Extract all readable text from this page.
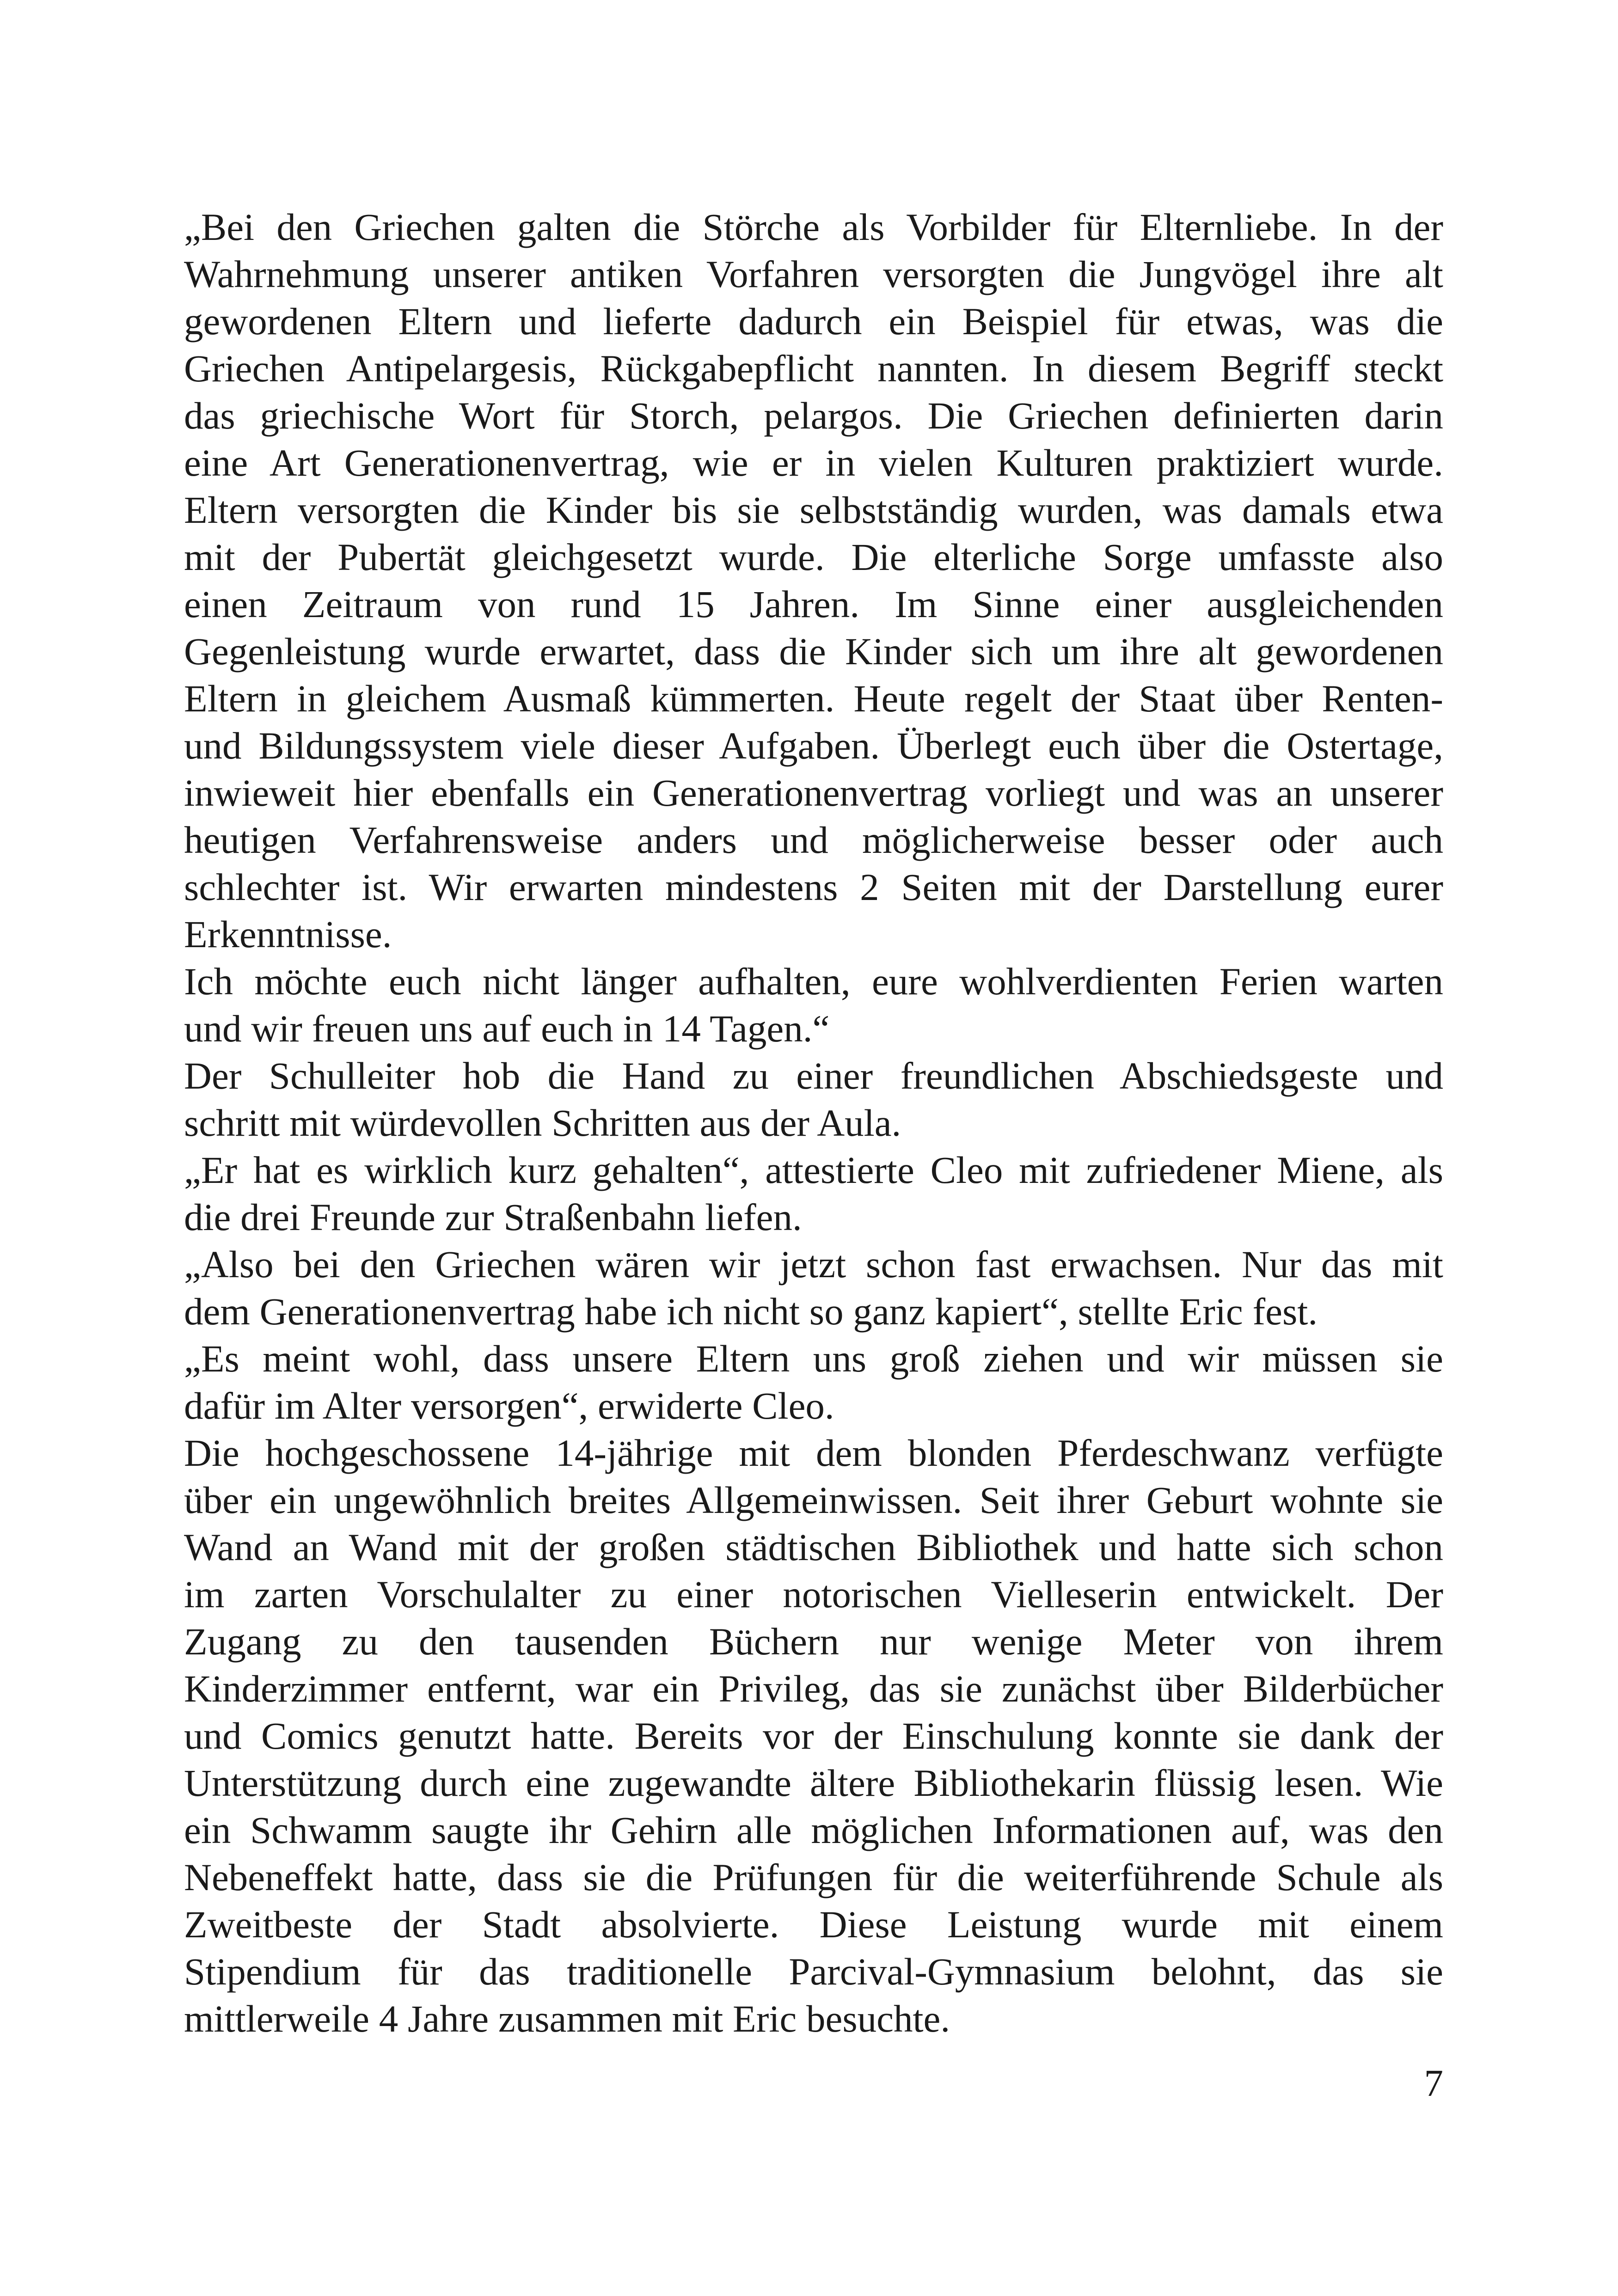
„Bei den Griechen galten die Störche als Vorbilder für Elternliebe. In der
Wahrnehmung unserer antiken Vorfahren versorgten die Jungvögel ihre alt
gewordenen Eltern und lieferte dadurch ein Beispiel für etwas, was die
Griechen Antipelargesis, Rückgabepflicht nannten. In diesem Begriff steckt
das griechische Wort für Storch, pelargos. Die Griechen definierten darin
eine Art Generationenvertrag, wie er in vielen Kulturen praktiziert wurde.
Eltern versorgten die Kinder bis sie selbstständig wurden, was damals etwa
mit der Pubertät gleichgesetzt wurde. Die elterliche Sorge umfasste also
einen Zeitraum von rund 15 Jahren. Im Sinne einer ausgleichenden
Gegenleistung wurde erwartet, dass die Kinder sich um ihre alt gewordenen
Eltern in gleichem Ausmaß kümmerten. Heute regelt der Staat über Renten-
und Bildungssystem viele dieser Aufgaben. Überlegt euch über die Ostertage,
inwieweit hier ebenfalls ein Generationenvertrag vorliegt und was an unserer
heutigen Verfahrensweise anders und möglicherweise besser oder auch
schlechter ist. Wir erwarten mindestens 2 Seiten mit der Darstellung eurer
Erkenntnisse.
Ich möchte euch nicht länger aufhalten, eure wohlverdienten Ferien warten
und wir freuen uns auf euch in 14 Tagen.“
Der Schulleiter hob die Hand zu einer freundlichen Abschiedsgeste und
schritt mit würdevollen Schritten aus der Aula.
„Er hat es wirklich kurz gehalten“, attestierte Cleo mit zufriedener Miene, als
die drei Freunde zur Straßenbahn liefen.
„Also bei den Griechen wären wir jetzt schon fast erwachsen. Nur das mit
dem Generationenvertrag habe ich nicht so ganz kapiert“, stellte Eric fest.
„Es meint wohl, dass unsere Eltern uns groß ziehen und wir müssen sie
dafür im Alter versorgen“, erwiderte Cleo.
Die hochgeschossene 14-jährige mit dem blonden Pferdeschwanz verfügte
über ein ungewöhnlich breites Allgemeinwissen. Seit ihrer Geburt wohnte sie
Wand an Wand mit der großen städtischen Bibliothek und hatte sich schon
im zarten Vorschulalter zu einer notorischen Vielleserin entwickelt. Der
Zugang zu den tausenden Büchern nur wenige Meter von ihrem
Kinderzimmer entfernt, war ein Privileg, das sie zunächst über Bilderbücher
und Comics genutzt hatte. Bereits vor der Einschulung konnte sie dank der
Unterstützung durch eine zugewandte ältere Bibliothekarin flüssig lesen. Wie
ein Schwamm saugte ihr Gehirn alle möglichen Informationen auf, was den
Nebeneffekt hatte, dass sie die Prüfungen für die weiterführende Schule als
Zweitbeste der Stadt absolvierte. Diese Leistung wurde mit einem
Stipendium für das traditionelle Parcival-Gymnasium belohnt, das sie
mittlerweile 4 Jahre zusammen mit Eric besuchte.
7
